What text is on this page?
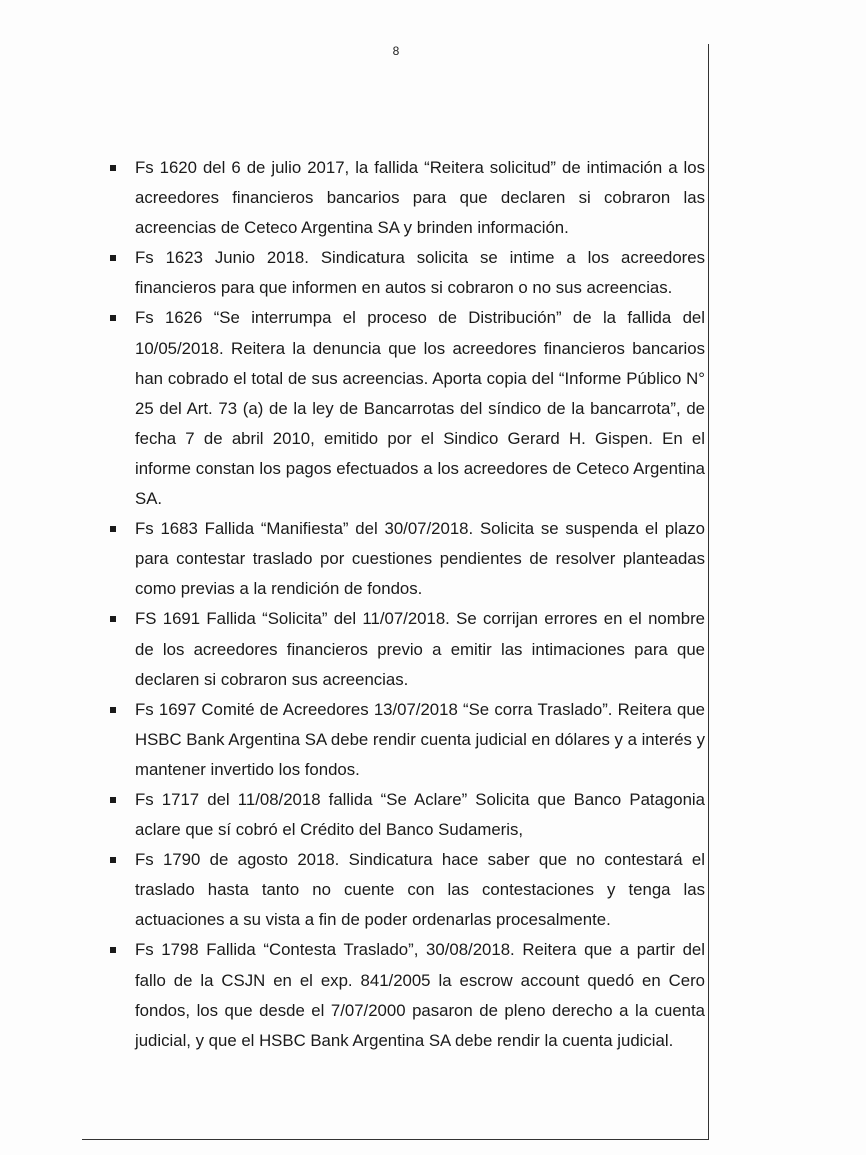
8
Fs 1620 del 6 de julio 2017, la fallida “Reitera solicitud” de intimación a los acreedores financieros bancarios para que declaren si cobraron las acreencias de Ceteco Argentina SA y brinden información.
Fs 1623 Junio 2018. Sindicatura solicita se intime a los acreedores financieros para que informen en autos si cobraron o no sus acreencias.
Fs 1626 “Se interrumpa el proceso de Distribución” de la fallida del 10/05/2018. Reitera la denuncia que los acreedores financieros bancarios han cobrado el total de sus acreencias. Aporta copia del “Informe Público N° 25 del Art. 73 (a) de la ley de Bancarrotas del síndico de la bancarrota”, de fecha 7 de abril 2010, emitido por el Sindico Gerard H. Gispen. En el informe constan los pagos efectuados a los acreedores de Ceteco Argentina SA.
Fs 1683 Fallida “Manifiesta” del 30/07/2018. Solicita se suspenda el plazo para contestar traslado por cuestiones pendientes de resolver planteadas como previas a la rendición de fondos.
FS 1691 Fallida “Solicita” del 11/07/2018. Se corrijan errores en el nombre de los acreedores financieros previo a emitir las intimaciones para que declaren si cobraron sus acreencias.
Fs 1697 Comité de Acreedores 13/07/2018 “Se corra Traslado”. Reitera que HSBC Bank Argentina SA debe rendir cuenta judicial en dólares y a interés y mantener invertido los fondos.
Fs 1717 del 11/08/2018 fallida “Se Aclare” Solicita que Banco Patagonia aclare que sí cobró el Crédito del Banco Sudameris,
Fs 1790 de agosto 2018. Sindicatura hace saber que no contestará el traslado hasta tanto no cuente con las contestaciones y tenga las actuaciones a su vista a fin de poder ordenarlas procesalmente.
Fs 1798 Fallida “Contesta Traslado”, 30/08/2018. Reitera que a partir del fallo de la CSJN en el exp. 841/2005 la escrow account quedó en Cero fondos, los que desde el 7/07/2000 pasaron de pleno derecho a la cuenta judicial, y que el HSBC Bank Argentina SA debe rendir la cuenta judicial.
